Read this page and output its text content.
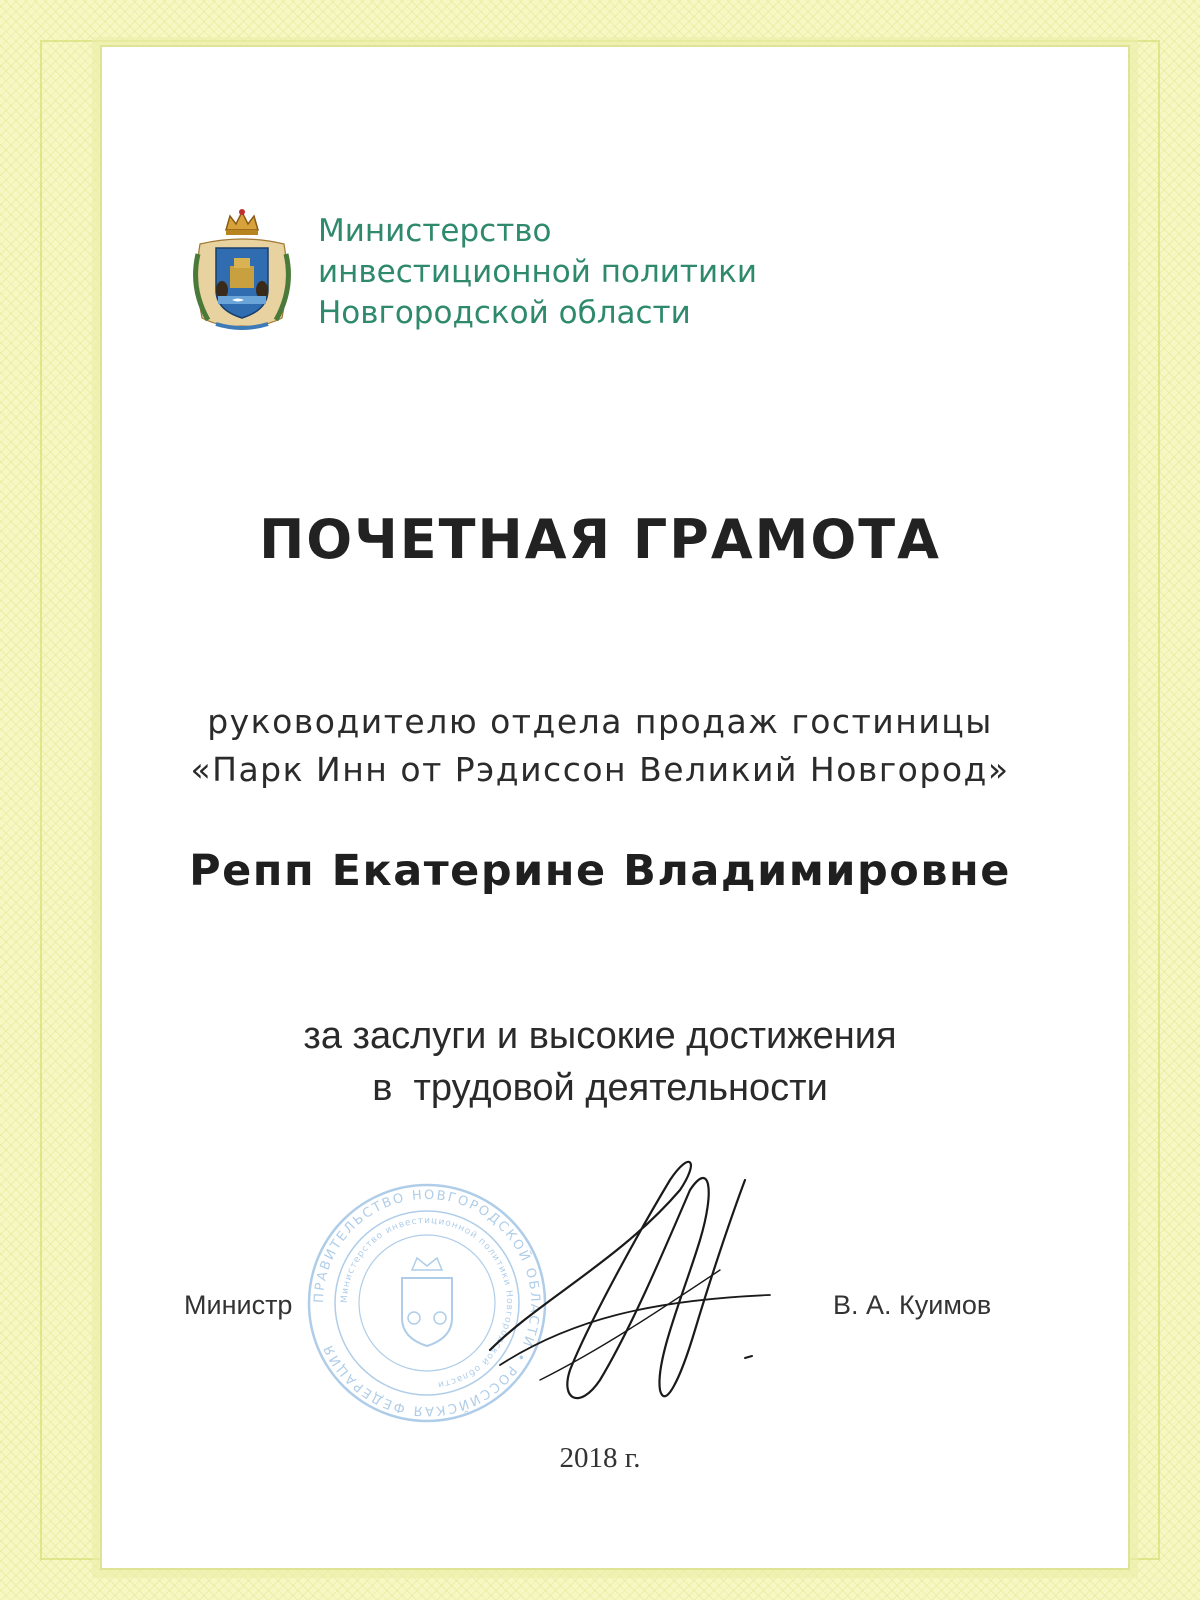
Министерство
инвестиционной политики
Новгородской области
ПОЧЕТНАЯ ГРАМОТА
руководителю отдела продаж гостиницы
«Парк Инн от Рэдиссон Великий Новгород»
Репп Екатерине Владимировне
за заслуги и высокие достижения
в  трудовой деятельности
ПРАВИТЕЛЬСТВО НОВГОРОДСКОЙ ОБЛАСТИ • РОССИЙСКАЯ ФЕДЕРАЦИЯ
Министерство инвестиционной политики Новгородской области
Министр	В. А. Куимов
2018 г.
